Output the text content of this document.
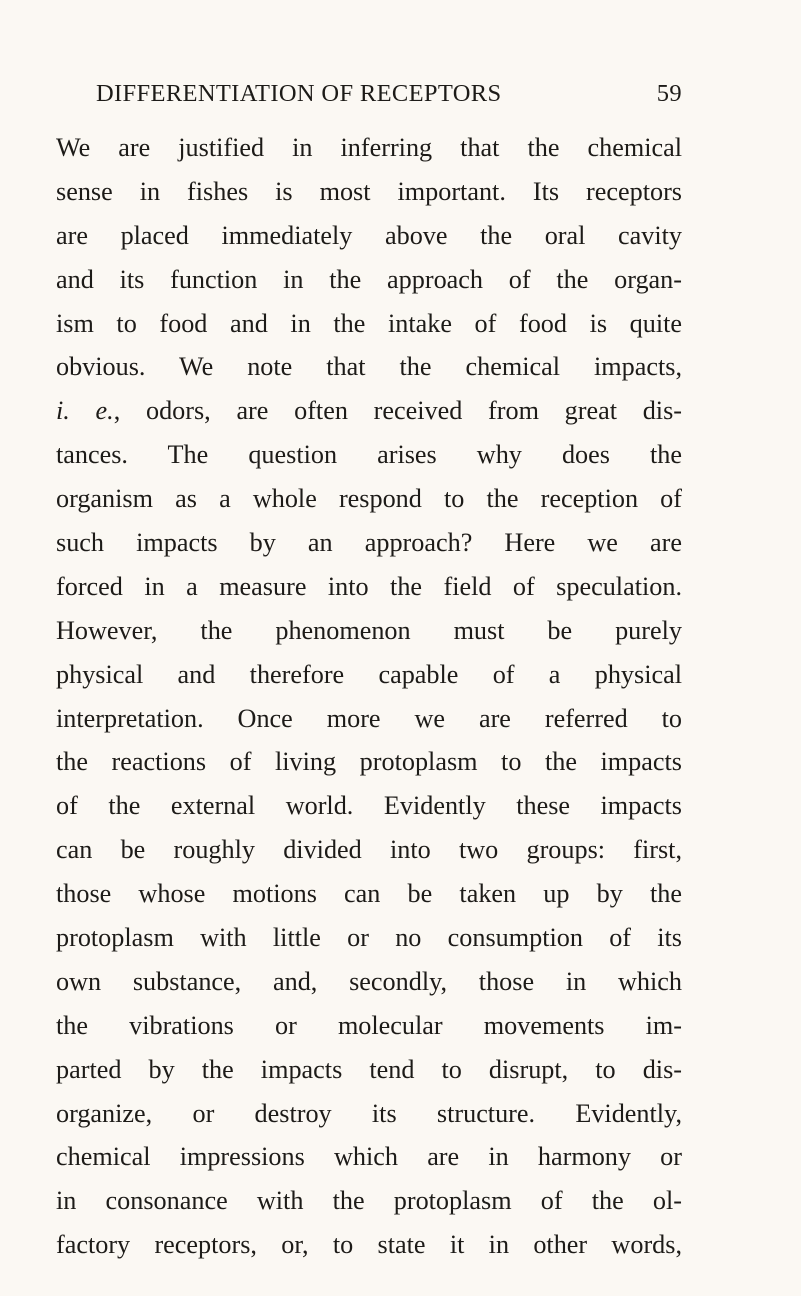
DIFFERENTIATION OF RECEPTORS	59
We are justified in inferring that the chemical
sense in fishes is most important. Its receptors
are placed immediately above the oral cavity
and its function in the approach of the organ-
ism to food and in the intake of food is quite
obvious. We note that the chemical impacts,
i. e., odors, are often received from great dis-
tances. The question arises why does the
organism as a whole respond to the reception of
such impacts by an approach? Here we are
forced in a measure into the field of speculation.
However, the phenomenon must be purely
physical and therefore capable of a physical
interpretation. Once more we are referred to
the reactions of living protoplasm to the impacts
of the external world. Evidently these impacts
can be roughly divided into two groups: first,
those whose motions can be taken up by the
protoplasm with little or no consumption of its
own substance, and, secondly, those in which
the vibrations or molecular movements im-
parted by the impacts tend to disrupt, to dis-
organize, or destroy its structure. Evidently,
chemical impressions which are in harmony or
in consonance with the protoplasm of the ol-
factory receptors, or, to state it in other words,
